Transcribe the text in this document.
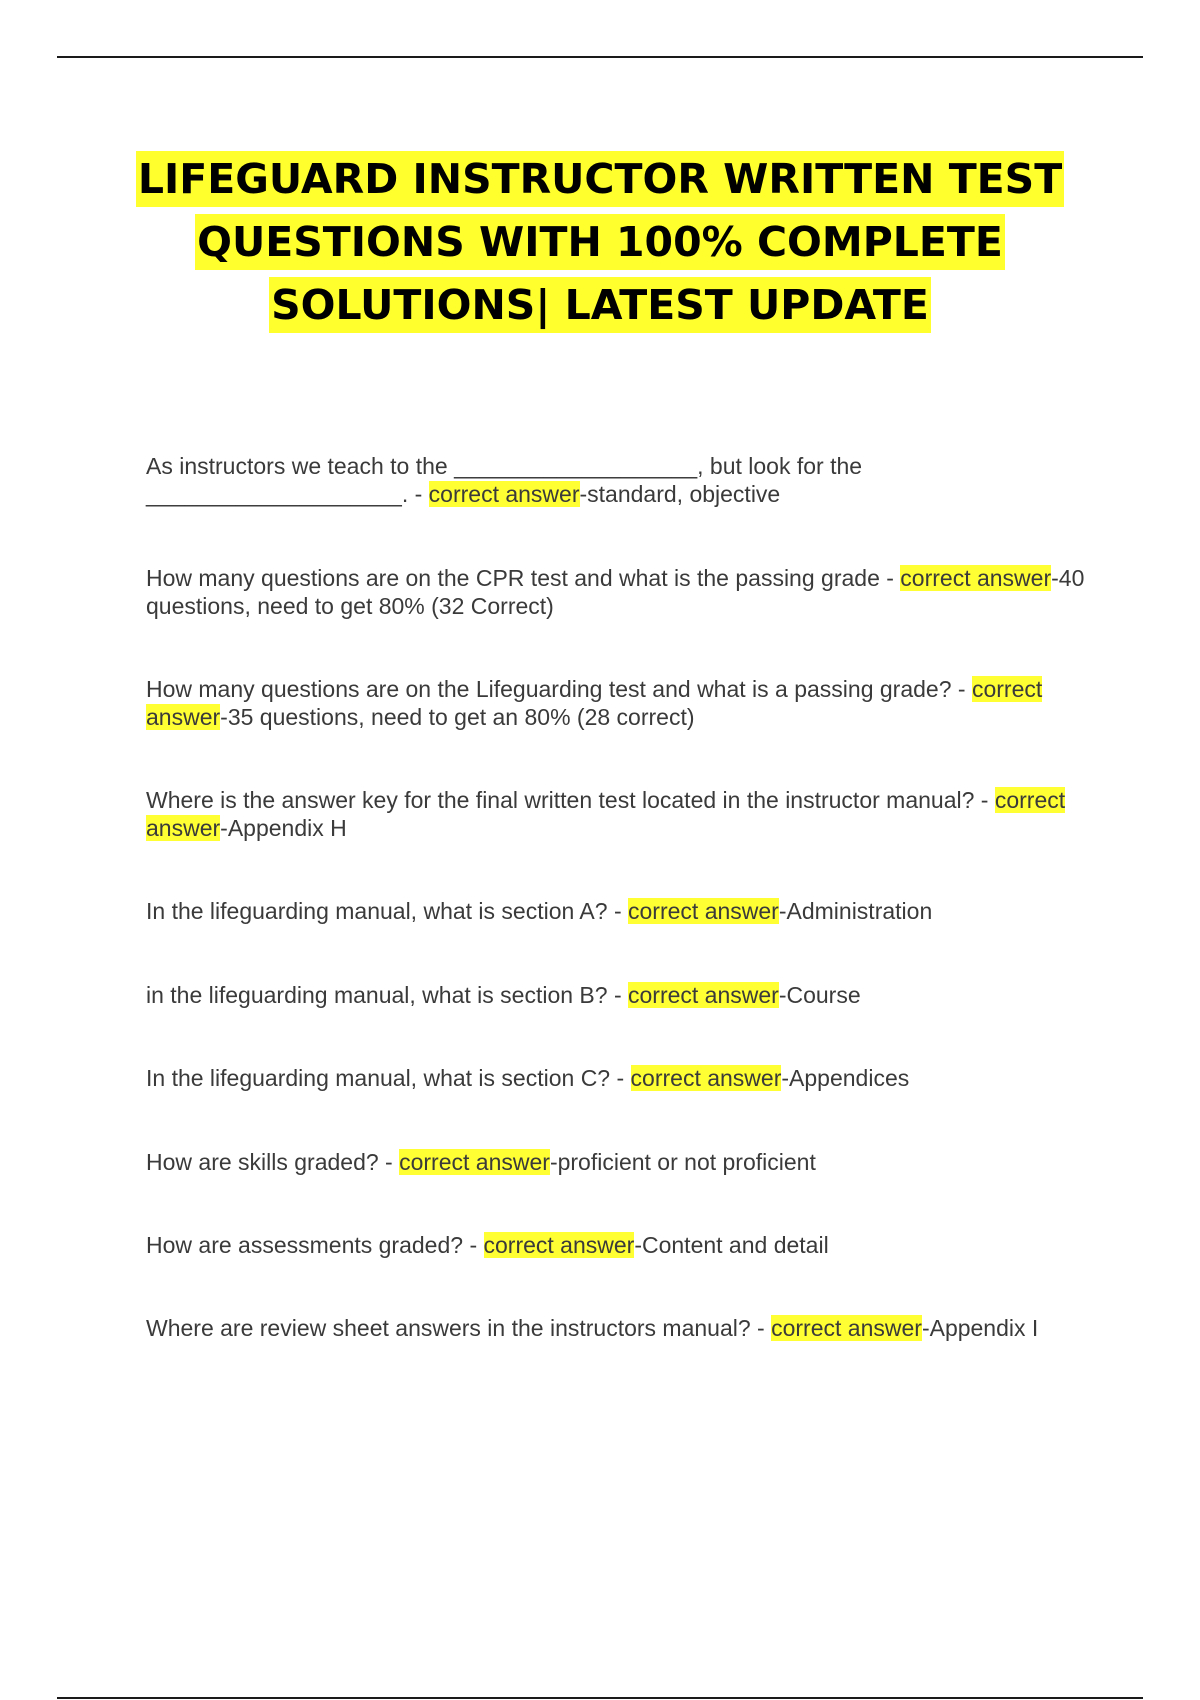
LIFEGUARD INSTRUCTOR WRITTEN TEST QUESTIONS WITH 100% COMPLETE SOLUTIONS| LATEST UPDATE

As instructors we teach to the ___________________, but look for the ____________________. - correct answer-standard, objective

How many questions are on the CPR test and what is the passing grade - correct answer-40 questions, need to get 80% (32 Correct)

How many questions are on the Lifeguarding test and what is a passing grade? - correct answer-35 questions, need to get an 80% (28 correct)

Where is the answer key for the final written test located in the instructor manual? - correct answer-Appendix H

In the lifeguarding manual, what is section A? - correct answer-Administration

in the lifeguarding manual, what is section B? - correct answer-Course

In the lifeguarding manual, what is section C? - correct answer-Appendices

How are skills graded? - correct answer-proficient or not proficient

How are assessments graded? - correct answer-Content and detail

Where are review sheet answers in the instructors manual? - correct answer-Appendix I
